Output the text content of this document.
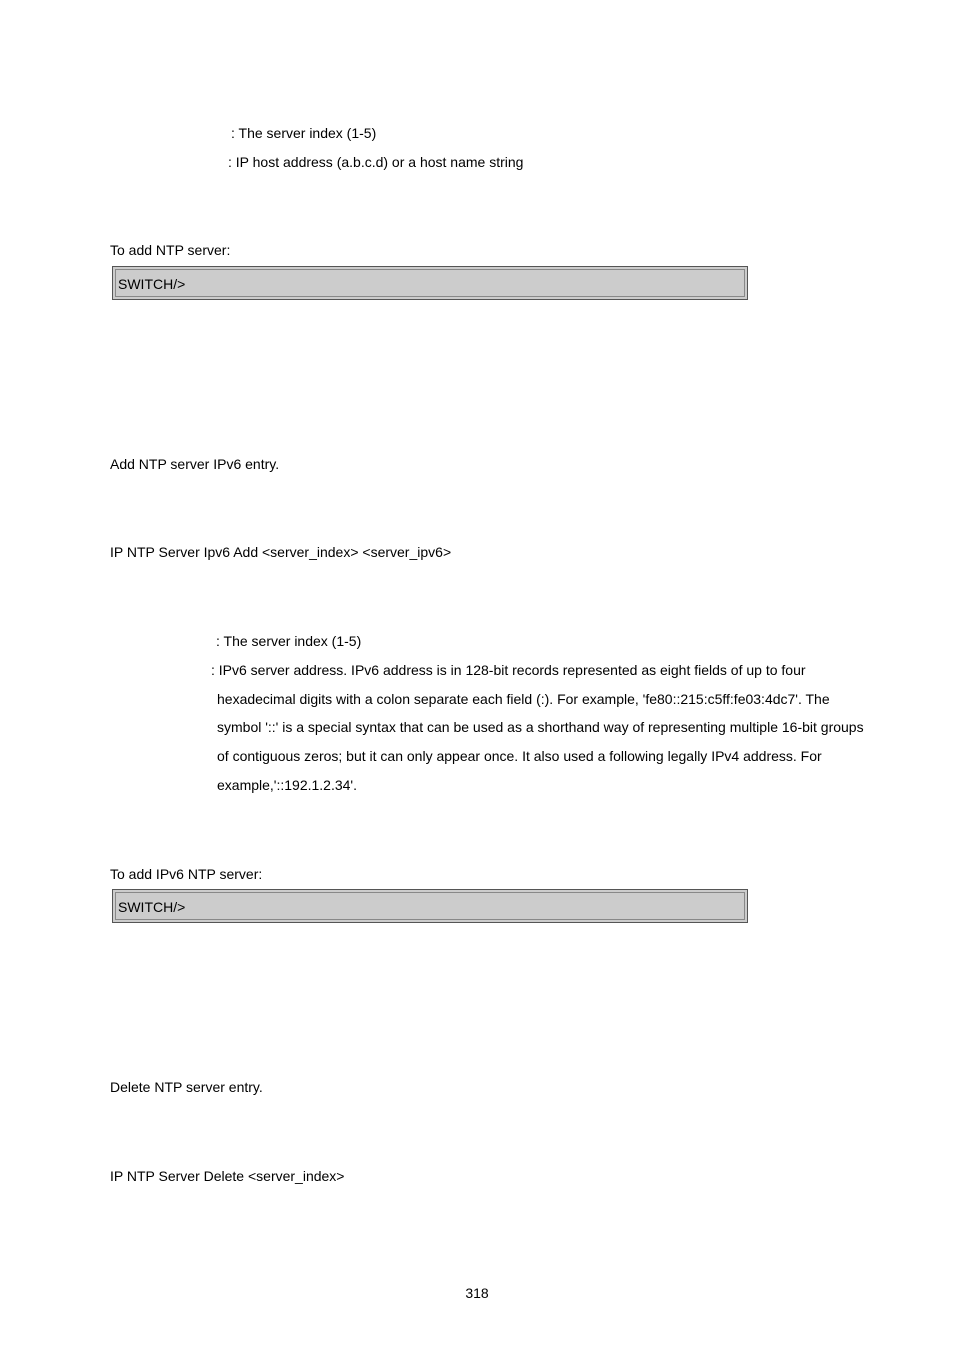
: The server index (1-5)

: IP host address (a.b.c.d) or a host name string

To add NTP server:

SWITCH/>

Add NTP server IPv6 entry.

IP NTP Server Ipv6 Add <server_index> <server_ipv6>

: The server index (1-5)

: IPv6 server address. IPv6 address is in 128-bit records represented as eight fields of up to four

hexadecimal digits with a colon separate each field (:). For example, 'fe80::215:c5ff:fe03:4dc7'. The

symbol '::' is a special syntax that can be used as a shorthand way of representing multiple 16-bit groups

of contiguous zeros; but it can only appear once. It also used a following legally IPv4 address. For

example,'::192.1.2.34'.

To add IPv6 NTP server:

SWITCH/>

Delete NTP server entry.

IP NTP Server Delete <server_index>

318
